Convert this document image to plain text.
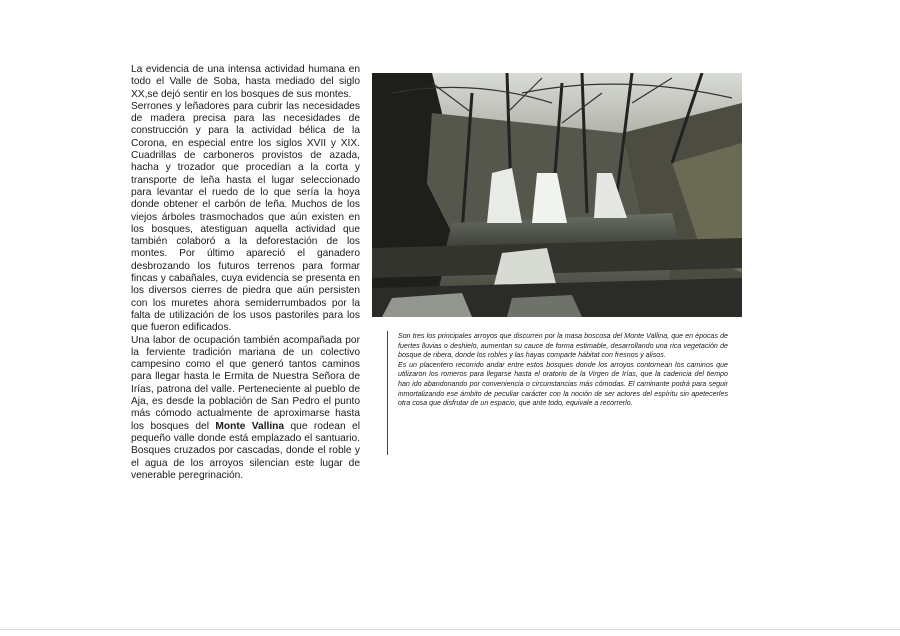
La evidencia de una intensa actividad humana en todo el Valle de Soba, hasta mediado del siglo XX,se dejó sentir en los bosques de sus montes.

Serrones y leñadores para cubrir las necesidades de madera precisa para las necesidades de construcción y para la actividad bélica de la Corona, en especial entre los siglos XVII y XIX. Cuadrillas de carboneros provistos de azada, hacha y trozador que procedían a la corta y transporte de leña hasta el lugar seleccionado para levantar el ruedo de lo que sería la hoya donde obtener el carbón de leña. Muchos de los viejos árboles trasmochados que aún existen en los bosques, atestiguan aquella actividad que también colaboró a la deforestación de los montes. Por último apareció el ganadero desbrozando los futuros terrenos para formar fincas y cabañales, cuya evidencia se presenta en los diversos cierres de piedra que aún persisten con los muretes ahora semiderrumbados por la falta de utilización de los usos pastoriles para los que fueron edificados.

Una labor de ocupación también acompañada por la ferviente tradición mariana de un colectivo campesino como el que generó tantos caminos para llegar hasta le Ermita de Nuestra Señora de Irías, patrona del valle. Perteneciente al pueblo de Aja, es desde la población de San Pedro el punto más cómodo actualmente de aproximarse hasta los bosques del Monte Vallina que rodean el pequeño valle donde está emplazado el santuario. Bosques cruzados por cascadas, donde el roble y el agua de los arroyos silencian este lugar de venerable peregrinación.

Son tres los principales arroyos que discurren por la masa boscosa del Monte Vallina, que en épocas de fuertes lluvias o deshielo, aumentan su cauce de forma estimable, desarrollando una rica vegetación de bosque de ribera, donde los robles y las hayas comparte hábitat con fresnos y alisos.

Es un placentero recorrido andar entre estos bosques donde los arroyos contornean los caminos que utilizaron los romeros para llegarse hasta el oratorio de la Virgen de Irías, que la cadencia del tiempo han ido abandonando por conveniencia o circunstancias más cómodas. El caminante podrá para seguir inmortalizando ese ámbito de peculiar carácter con la noción de ser actores del espíritu sin apetecerles otra cosa que disfrutar de un espacio, que ante todo, equivale a recorrerlo.
